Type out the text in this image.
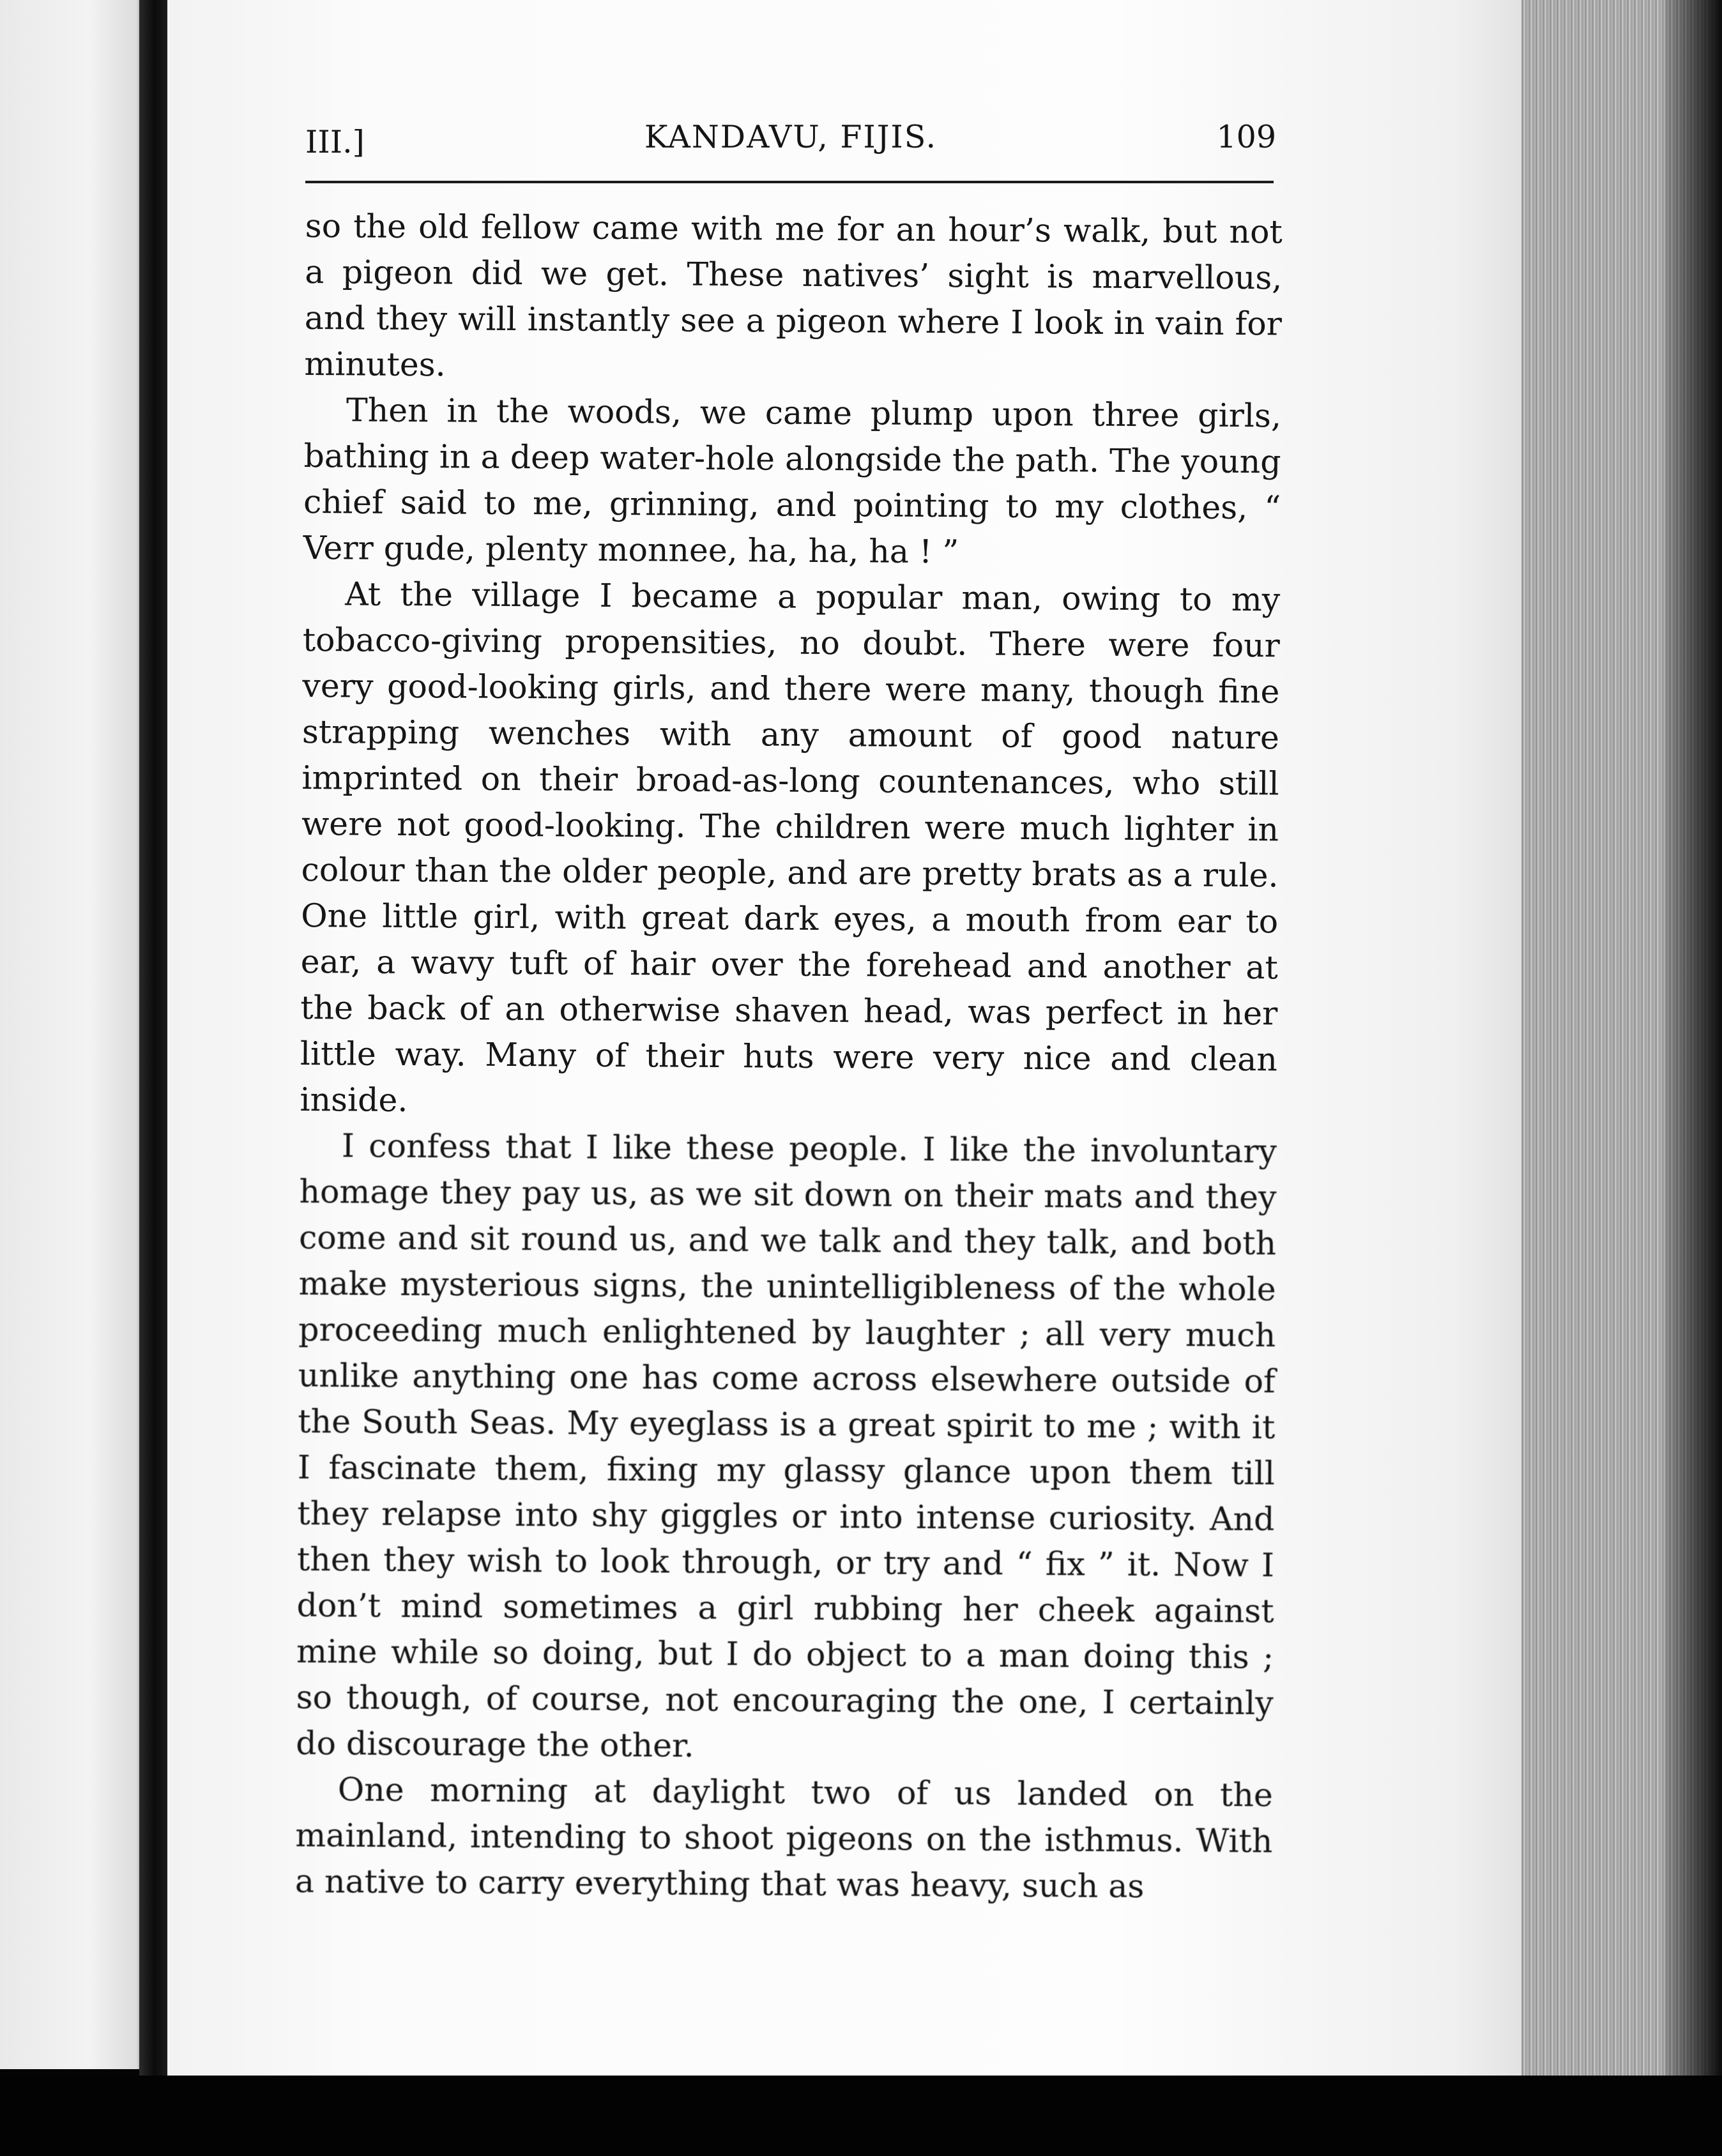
III.]	KANDAVU, FIJIS.	109

so the old fellow came with me for an hour’s walk, but not a pigeon did we get. These natives’ sight is marvellous, and they will instantly see a pigeon where I look in vain for minutes.

Then in the woods, we came plump upon three girls, bathing in a deep water-hole alongside the path. The young chief said to me, grinning, and pointing to my clothes, “ Verr gude, plenty monnee, ha, ha, ha ! ”

At the village I became a popular man, owing to my tobacco-giving propensities, no doubt. There were four very good-looking girls, and there were many, though fine strapping wenches with any amount of good nature imprinted on their broad-as-long countenances, who still were not good-looking. The children were much lighter in colour than the older people, and are pretty brats as a rule. One little girl, with great dark eyes, a mouth from ear to ear, a wavy tuft of hair over the forehead and another at the back of an otherwise shaven head, was perfect in her little way. Many of their huts were very nice and clean inside.

I confess that I like these people. I like the involuntary homage they pay us, as we sit down on their mats and they come and sit round us, and we talk and they talk, and both make mysterious signs, the unintelligibleness of the whole proceeding much enlightened by laughter ; all very much unlike anything one has come across elsewhere outside of the South Seas. My eyeglass is a great spirit to me ; with it I fascinate them, fixing my glassy glance upon them till they relapse into shy giggles or into intense curiosity. And then they wish to look through, or try and “ fix ” it. Now I don’t mind sometimes a girl rubbing her cheek against mine while so doing, but I do object to a man doing this ; so though, of course, not encouraging the one, I certainly do discourage the other.

One morning at daylight two of us landed on the mainland, intending to shoot pigeons on the isthmus. With a native to carry everything that was heavy, such as
